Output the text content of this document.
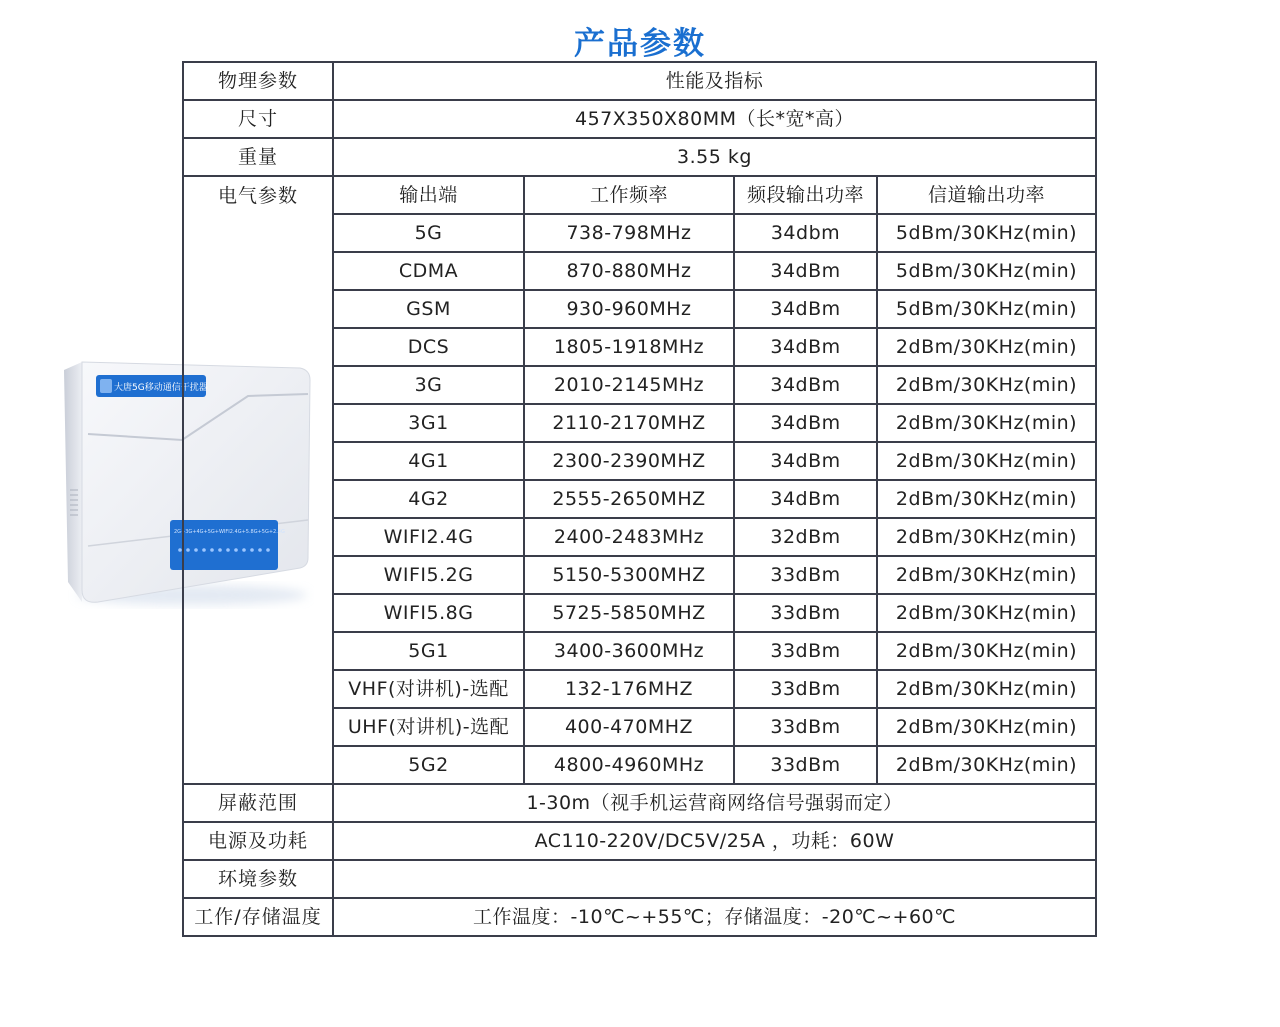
产品参数
大唐5G移动通信干扰器
2G+3G+4G+5G+WIFI2.4G+5.8G+5G+2.4G
物理参数	性能及指标			
尺寸	457X350X80MM（长*宽*高）			
重量	3.55 kg			
电气参数	输出端	工作频率	频段输出功率	信道输出功率
	5G	738-798MHz	34dbm	5dBm/30KHz(min)
	CDMA	870-880MHz	34dBm	5dBm/30KHz(min)
	GSM	930-960MHz	34dBm	5dBm/30KHz(min)
	DCS	1805-1918MHz	34dBm	2dBm/30KHz(min)
	3G	2010-2145MHz	34dBm	2dBm/30KHz(min)
	3G1	2110-2170MHZ	34dBm	2dBm/30KHz(min)
	4G1	2300-2390MHZ	34dBm	2dBm/30KHz(min)
	4G2	2555-2650MHZ	34dBm	2dBm/30KHz(min)
	WIFI2.4G	2400-2483MHz	32dBm	2dBm/30KHz(min)
	WIFI5.2G	5150-5300MHZ	33dBm	2dBm/30KHz(min)
	WIFI5.8G	5725-5850MHZ	33dBm	2dBm/30KHz(min)
	5G1	3400-3600MHz	33dBm	2dBm/30KHz(min)
	VHF(对讲机)-选配	132-176MHZ	33dBm	2dBm/30KHz(min)
	UHF(对讲机)-选配	400-470MHZ	33dBm	2dBm/30KHz(min)
	5G2	4800-4960MHz	33dBm	2dBm/30KHz(min)
屏蔽范围	1-30m（视手机运营商网络信号强弱而定）			
电源及功耗	AC110-220V/DC5V/25A ，功耗：60W			
环境参数				
工作/存储温度	工作温度：-10℃~+55℃；存储温度：-20℃~+60℃			
